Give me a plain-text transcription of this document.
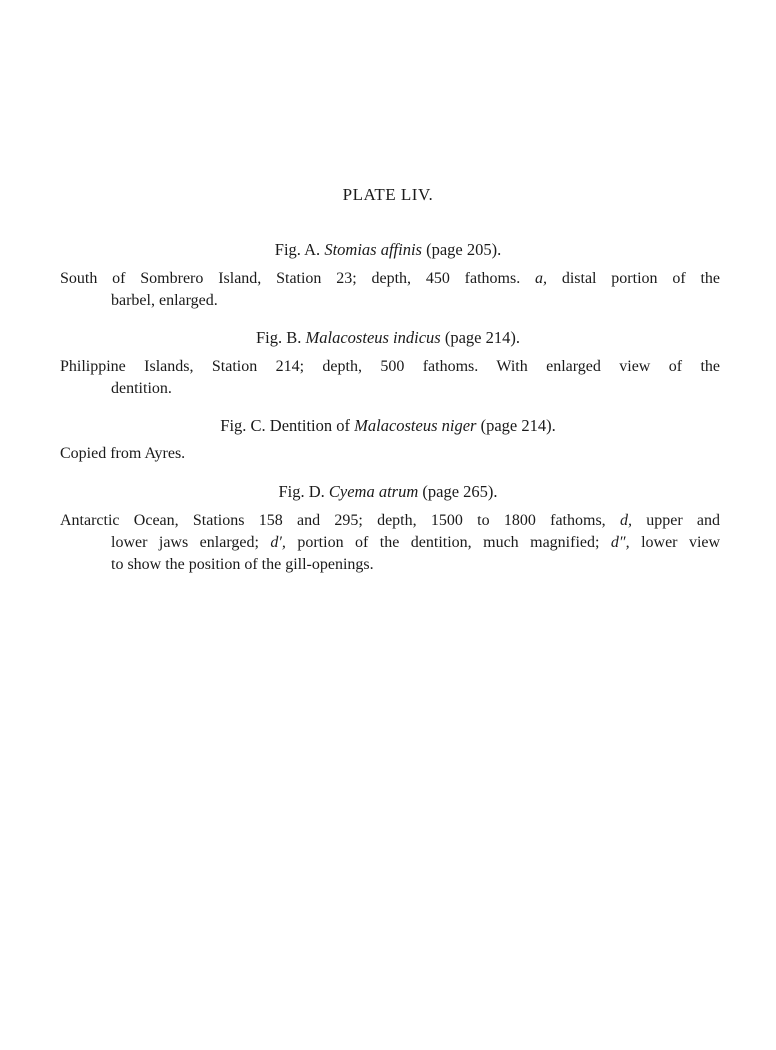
PLATE LIV.
Fig. A. Stomias affinis (page 205).
South of Sombrero Island, Station 23; depth, 450 fathoms. a, distal portion of the
barbel, enlarged.
Fig. B. Malacosteus indicus (page 214).
Philippine Islands, Station 214; depth, 500 fathoms. With enlarged view of the
dentition.
Fig. C. Dentition of Malacosteus niger (page 214).
Copied from Ayres.
Fig. D. Cyema atrum (page 265).
Antarctic Ocean, Stations 158 and 295; depth, 1500 to 1800 fathoms, d, upper and
lower jaws enlarged; d′, portion of the dentition, much magnified; d″, lower view
to show the position of the gill-openings.
